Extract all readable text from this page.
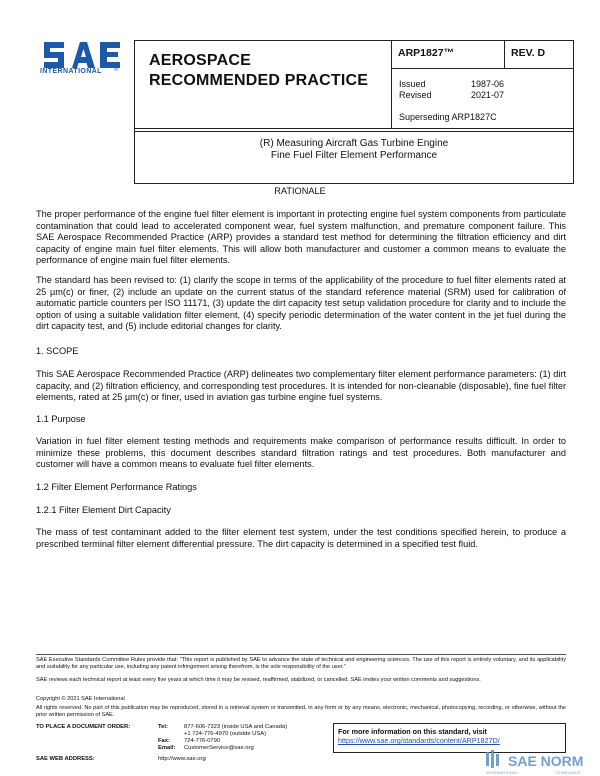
INTERNATIONAL ®
AEROSPACE
RECOMMENDED PRACTICE
ARP1827™	REV. D
Issued	1987-06
Revised	2021-07
Superseding ARP1827C
(R) Measuring Aircraft Gas Turbine Engine
Fine Fuel Filter Element Performance
RATIONALE
The proper performance of the engine fuel filter element is important in protecting engine fuel system components from particulate contamination that could lead to accelerated component wear, fuel system malfunction, and premature component failure. This SAE Aerospace Recommended Practice (ARP) provides a standard test method for determining the filtration efficiency and dirt capacity of engine main fuel filter elements. This will allow both manufacturer and customer a common means to evaluate the performance of engine main fuel filter elements.
The standard has been revised to: (1) clarify the scope in terms of the applicability of the procedure to fuel filter elements rated at 25 µm(c) or finer, (2) include an update on the current status of the standard reference material (SRM) used for calibration of automatic particle counters per ISO 11171, (3) update the dirt capacity test setup validation procedure for clarity and to include the option of using a suitable validation filter element, (4) specify periodic determination of the water content in the jet fuel during the dirt capacity test, and (5) include editorial changes for clarity.
1. SCOPE
This SAE Aerospace Recommended Practice (ARP) delineates two complementary filter element performance parameters: (1) dirt capacity, and (2) filtration efficiency, and corresponding test procedures. It is intended for non-cleanable (disposable), fine fuel filter elements, rated at 25 µm(c) or finer, used in aviation gas turbine engine fuel systems.
1.1 Purpose
Variation in fuel filter element testing methods and requirements make comparison of performance results difficult. In order to minimize these problems, this document describes standard filtration ratings and test procedures. Both manufacturer and customer will have a common means to evaluate fuel filter elements.
1.2 Filter Element Performance Ratings
1.2.1 Filter Element Dirt Capacity
The mass of test contaminant added to the filter element test system, under the test conditions specified herein, to produce a prescribed terminal filter element differential pressure. The dirt capacity is determined in a specified test fluid.
SAE Executive Standards Committee Rules provide that: “This report is published by SAE to advance the state of technical and engineering sciences. The use of this report is entirely voluntary, and its applicability and suitability for any particular use, including any patent infringement arising therefrom, is the sole responsibility of the user.”
SAE reviews each technical report at least every five years at which time it may be revised, reaffirmed, stabilized, or cancelled. SAE invites your written comments and suggestions.
Copyright © 2021 SAE International
All rights reserved. No part of this publication may be reproduced, stored in a retrieval system or transmitted, in any form or by any means, electronic, mechanical, photocopying, recording, or otherwise, without the prior written permission of SAE.
TO PLACE A DOCUMENT ORDER:	Tel:	877-606-7323 (inside USA and Canada)
+1 724-776-4970 (outside USA)
Fax: 724-776-0790
Email: CustomerService@sae.org
SAE WEB ADDRESS:	http://www.sae.org
For more information on this standard, visit
https://www.sae.org/standards/content/ARP1827D/
SAE NORM
INTERNATIONAL	STANDARDS
